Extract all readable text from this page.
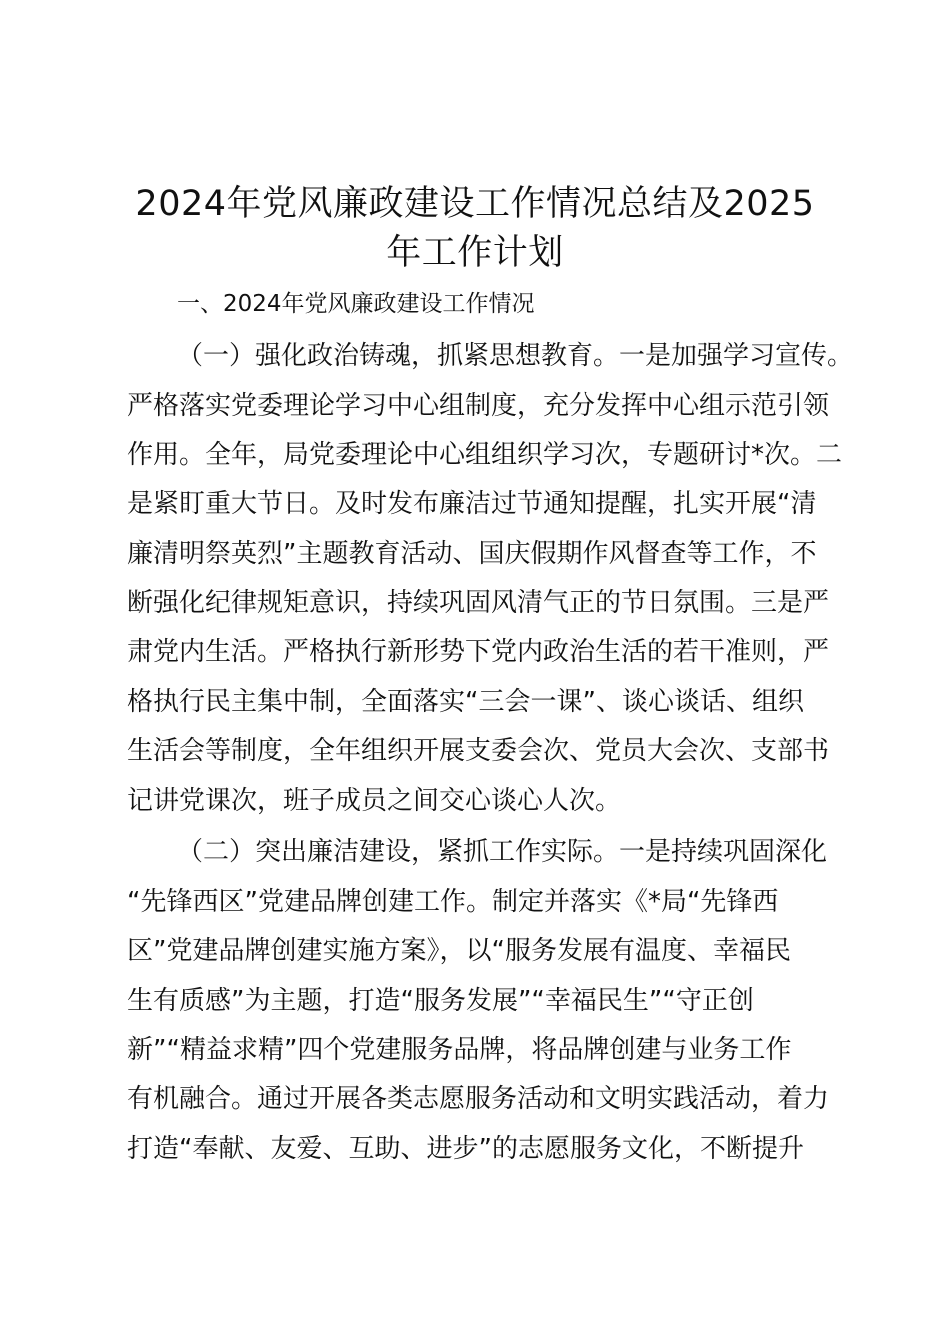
2024年党风廉政建设工作情况总结及2025
年工作计划

一、2024年党风廉政建设工作情况

（一）强化政治铸魂，抓紧思想教育。一是加强学习宣传。

严格落实党委理论学习中心组制度，充分发挥中心组示范引领

作用。全年，局党委理论中心组组织学习次，专题研讨*次。二

是紧盯重大节日。及时发布廉洁过节通知提醒，扎实开展“清

廉清明祭英烈”主题教育活动、国庆假期作风督查等工作，不

断强化纪律规矩意识，持续巩固风清气正的节日氛围。三是严

肃党内生活。严格执行新形势下党内政治生活的若干准则，严

格执行民主集中制，全面落实“三会一课”、谈心谈话、组织

生活会等制度，全年组织开展支委会次、党员大会次、支部书

记讲党课次，班子成员之间交心谈心人次。

（二）突出廉洁建设，紧抓工作实际。一是持续巩固深化

“先锋西区”党建品牌创建工作。制定并落实《*局“先锋西

区”党建品牌创建实施方案》，以“服务发展有温度、幸福民

生有质感”为主题，打造“服务发展”“幸福民生”“守正创

新”“精益求精”四个党建服务品牌，将品牌创建与业务工作

有机融合。通过开展各类志愿服务活动和文明实践活动，着力

打造“奉献、友爱、互助、进步”的志愿服务文化，不断提升
